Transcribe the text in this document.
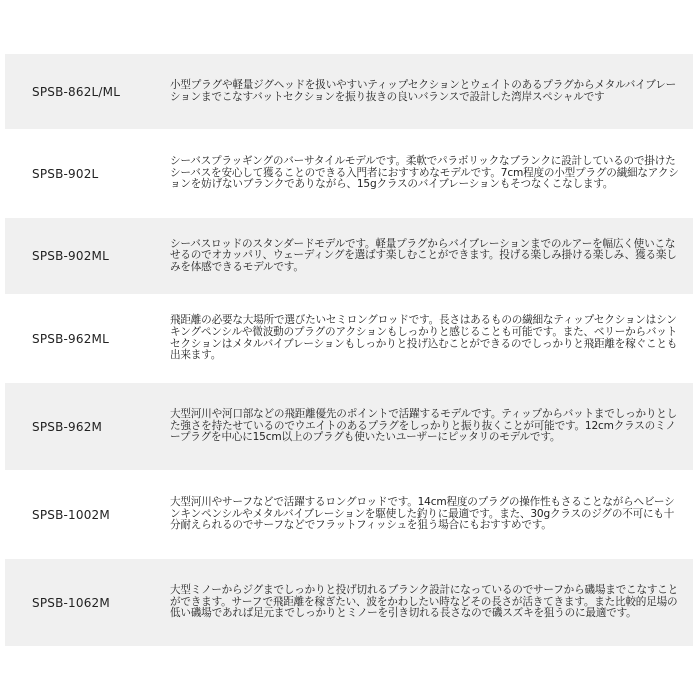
SPSB-862L/ML	小型プラグや軽量ジグヘッドを扱いやすいティップセクションとウェイトのあるプラグからメタルバイブレーションまでこなすバットセクションを振り抜きの良いバランスで設計した湾岸スペシャルです
SPSB-902L
シーバスプラッギングのバーサタイルモデルです。柔軟でパラボリックなブランクに設計しているので掛けたシーバスを安心して獲ることのできる入門者におすすめなモデルです。7cm程度の小型プラグの繊細なアクションを妨げないブランクでありながら、15gクラスのバイブレーションもそつなくこなします。
SPSB-902ML
シーバスロッドのスタンダードモデルです。軽量プラグからバイブレーションまでのルアーを幅広く使いこなせるのでオカッパリ、ウェーディングを選ばす楽しむことができます。投げる楽しみ掛ける楽しみ、獲る楽しみを体感できるモデルです。
SPSB-962ML
飛距離の必要な大場所で選びたいセミロングロッドです。長さはあるものの繊細なティップセクションはシンキングペンシルや微波動のプラグのアクションもしっかりと感じることも可能です。また、ベリーからバットセクションはメタルバイブレーションもしっかりと投げ込むことができるのでしっかりと飛距離を稼ぐことも出来ます。
SPSB-962M
大型河川や河口部などの飛距離優先のポイントで活躍するモデルです。ティップからバットまでしっかりとした強さを持たせているのでウエイトのあるプラグをしっかりと振り抜くことが可能です。12cmクラスのミノープラグを中心に15cm以上のプラグも使いたいユーザーにピッタリのモデルです。
SPSB-1002M
大型河川やサーフなどで活躍するロングロッドです。14cm程度のプラグの操作性もさることながらヘビーシンキンペンシルやメタルバイブレーションを駆使した釣りに最適です。また、30gクラスのジグの不可にも十分耐えられるのでサーフなどでフラットフィッシュを狙う場合にもおすすめです。
SPSB-1062M
大型ミノーからジグまでしっかりと投げ切れるブランク設計になっているのでサーフから磯場までこなすことができます。サーフで飛距離を稼ぎたい、波をかわしたい時などその長さが活きてきます。また比較的足場の低い磯場であれば足元までしっかりとミノーを引き切れる長さなので磯スズキを狙うのに最適です。
